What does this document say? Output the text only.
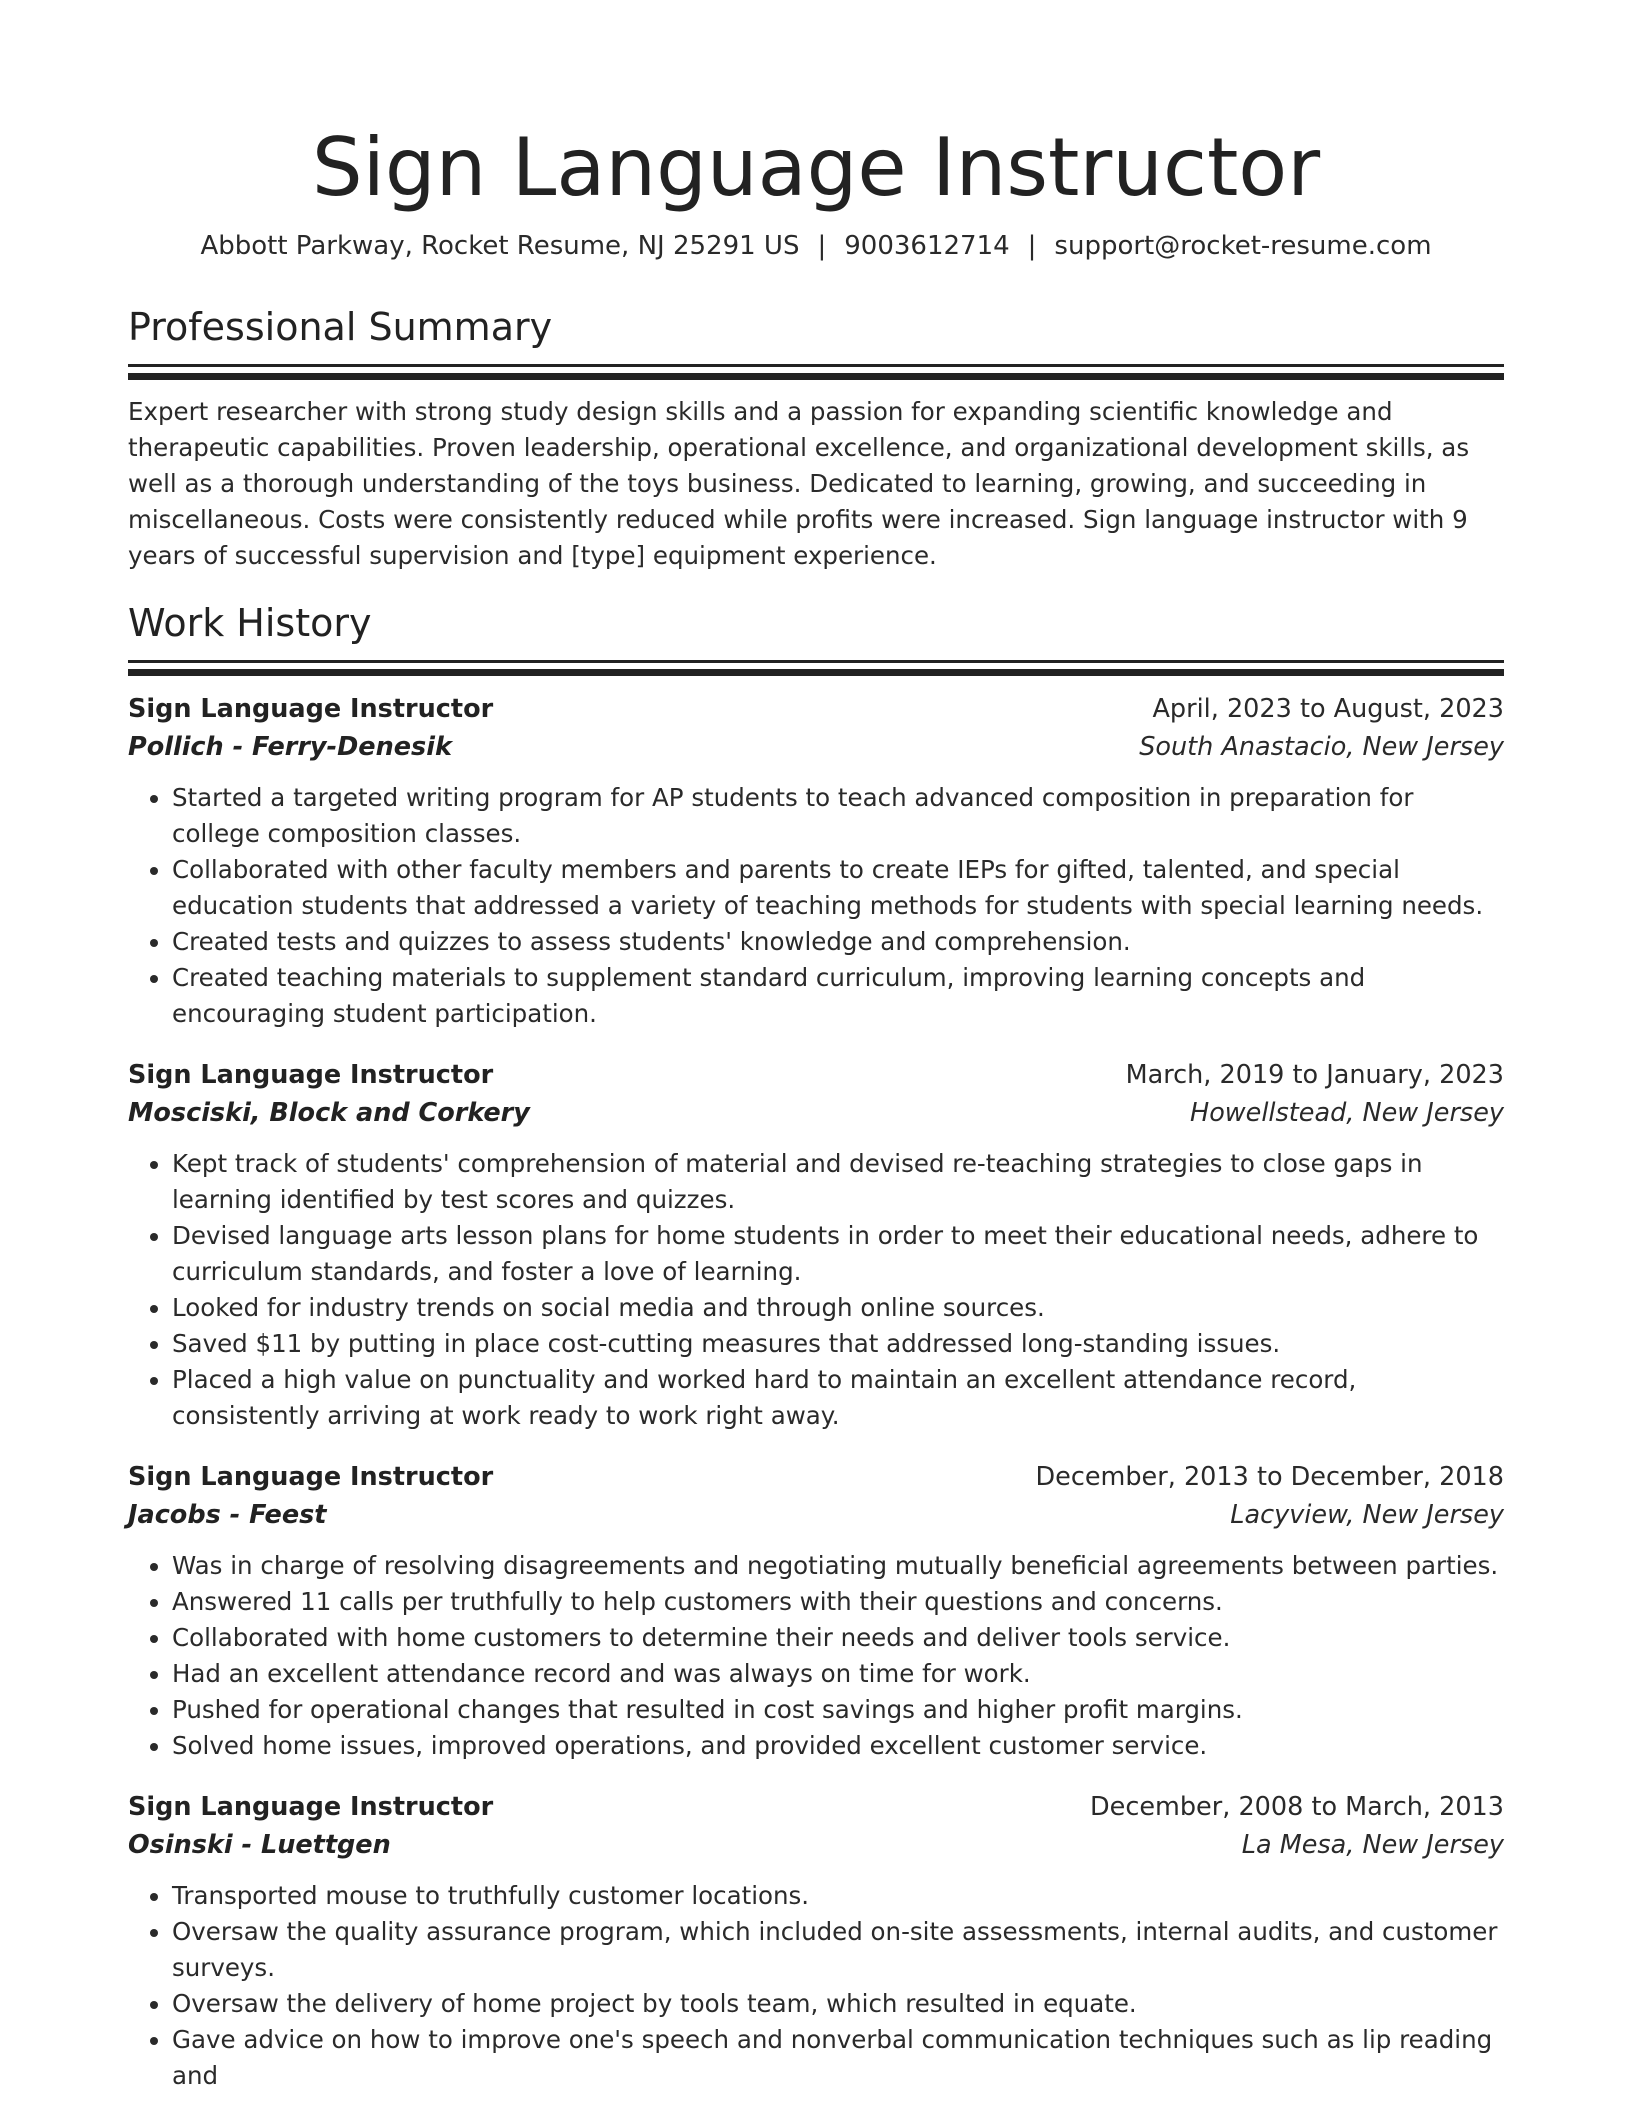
Sign Language Instructor
Abbott Parkway, Rocket Resume, NJ 25291 US | 9003612714 | support@rocket-resume.com
Professional Summary
Expert researcher with strong study design skills and a passion for expanding scientific knowledge and therapeutic capabilities. Proven leadership, operational excellence, and organizational development skills, as well as a thorough understanding of the toys business. Dedicated to learning, growing, and succeeding in miscellaneous. Costs were consistently reduced while profits were increased. Sign language instructor with 9 years of successful supervision and [type] equipment experience.
Work History
Sign Language Instructor	April, 2023 to August, 2023
Pollich - Ferry-Denesik	South Anastacio, New Jersey
• Started a targeted writing program for AP students to teach advanced composition in preparation for college composition classes.
• Collaborated with other faculty members and parents to create IEPs for gifted, talented, and special education students that addressed a variety of teaching methods for students with special learning needs.
• Created tests and quizzes to assess students' knowledge and comprehension.
• Created teaching materials to supplement standard curriculum, improving learning concepts and encouraging student participation.
Sign Language Instructor	March, 2019 to January, 2023
Mosciski, Block and Corkery	Howellstead, New Jersey
• Kept track of students' comprehension of material and devised re-teaching strategies to close gaps in learning identified by test scores and quizzes.
• Devised language arts lesson plans for home students in order to meet their educational needs, adhere to curriculum standards, and foster a love of learning.
• Looked for industry trends on social media and through online sources.
• Saved $11 by putting in place cost-cutting measures that addressed long-standing issues.
• Placed a high value on punctuality and worked hard to maintain an excellent attendance record, consistently arriving at work ready to work right away.
Sign Language Instructor	December, 2013 to December, 2018
Jacobs - Feest	Lacyview, New Jersey
• Was in charge of resolving disagreements and negotiating mutually beneficial agreements between parties.
• Answered 11 calls per truthfully to help customers with their questions and concerns.
• Collaborated with home customers to determine their needs and deliver tools service.
• Had an excellent attendance record and was always on time for work.
• Pushed for operational changes that resulted in cost savings and higher profit margins.
• Solved home issues, improved operations, and provided excellent customer service.
Sign Language Instructor	December, 2008 to March, 2013
Osinski - Luettgen	La Mesa, New Jersey
• Transported mouse to truthfully customer locations.
• Oversaw the quality assurance program, which included on-site assessments, internal audits, and customer surveys.
• Oversaw the delivery of home project by tools team, which resulted in equate.
• Gave advice on how to improve one's speech and nonverbal communication techniques such as lip reading and
